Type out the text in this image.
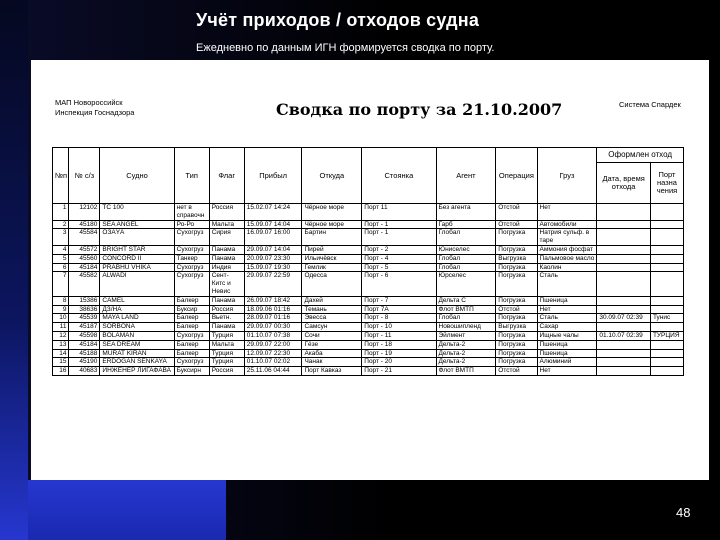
Учёт приходов / отходов судна
Ежедневно по данным ИГН формируется сводка по порту.
МАП Новороссийск
Инспекция Госнадзора	Сводка по порту за 21.10.2007	Система Спардек
№п	№ с/з	Судно	Тип	Флаг	Прибыл	Откуда	Стоянка	Агент	Операция	Груз	Оформлен отход	
											Дата, время отхода	Порт назна чения
1	12102	ТС 100	нет в справочн	Россия	15.02.07 14:24	Чёрное море	Порт 11	Без агента	Отстой	Нет		
2	45180	SEA ANGEL	Ро-Ро	Мальта	15.09.07 14:04	Чёрное море	Порт - 1	Гарб	Отстой	Автомобили		
3	45584	ОЗАYА	Сухогруз	Сирия	16.09.07 16:00	Бартин	Порт - 1	Глобал	Погрузка	Натрия сульф. в таре		
4	45572	BRIGHT STAR	Сухогруз	Панама	29.09.07 14:04	Пирей	Порт - 2	Юниселес	Погрузка	Аммония фосфат		
5	45560	CONCORD II	Танкер	Панама	20.09.07 23:30	Ильичёвск	Порт - 4	Глобал	Выгрузка	Пальмовое масло		
6	45184	PRABHU VHIKA	Сухогруз	Индия	15.09.07 19:30	Гемлик	Порт - 5	Глобал	Погрузка	Каолин		
7	45582	ALWADI	Сухогруз	Сент-Китс и Невис	29.09.07 22:59	Одесса	Порт - 6	Юрселес	Погрузка	Сталь		
8	15386	CAMEL	Балкер	Панама	26.09.07 18:42	Дахей	Порт - 7	Дельта С	Погрузка	Пшеница		
9	38636	ДЗ/НА	Буксир	Россия	18.09.06 01:16	Темань	Порт 7А	Флот ВМТП	Отстой	Нет		
10	45539	MAYA LAND	Балкер	Вьетн.	28.09.07 01:16	Эвесса	Порт - 8	Глобал	Погрузка	Сталь	30.09.07 02:39	Тунис
11	45187	SORBONA	Балкер	Панама	29.09.07 00:30	Самсун	Порт - 10	Новошипленд	Выгрузка	Сахар		
12	45598	BOLAMAN	Сухогруз	Турция	01.10.07 07:38	Сочи	Порт - 11	Эйлмент	Погрузка	Ищные чалы	01.10.07 02:39	ТУРЦИЯ
13	45184	SEA DREAM	Балкер	Мальта	29.09.07 22:00	Гёзе	Порт - 18	Дельта-2	Погрузка	Пшеница		
14	45188	MURAT KIRAN	Балкер	Турция	12.09.07 22:30	Акаба	Порт - 19	Дельта-2	Погрузка	Пшеница		
15	45190	ERDOGAN SENKAYA	Сухогруз	Турция	01.10.07 02:02	Чанак	Порт - 20	Дельта-2	Погрузка	Алюминий		
16	40683	ИНЖЕНЕР ЛИГАФАВА	Буксирн	Россия	25.11.06 04:44	Порт Кавказ	Порт - 21	Флот ВМТП	Отстой	Нет		
48
